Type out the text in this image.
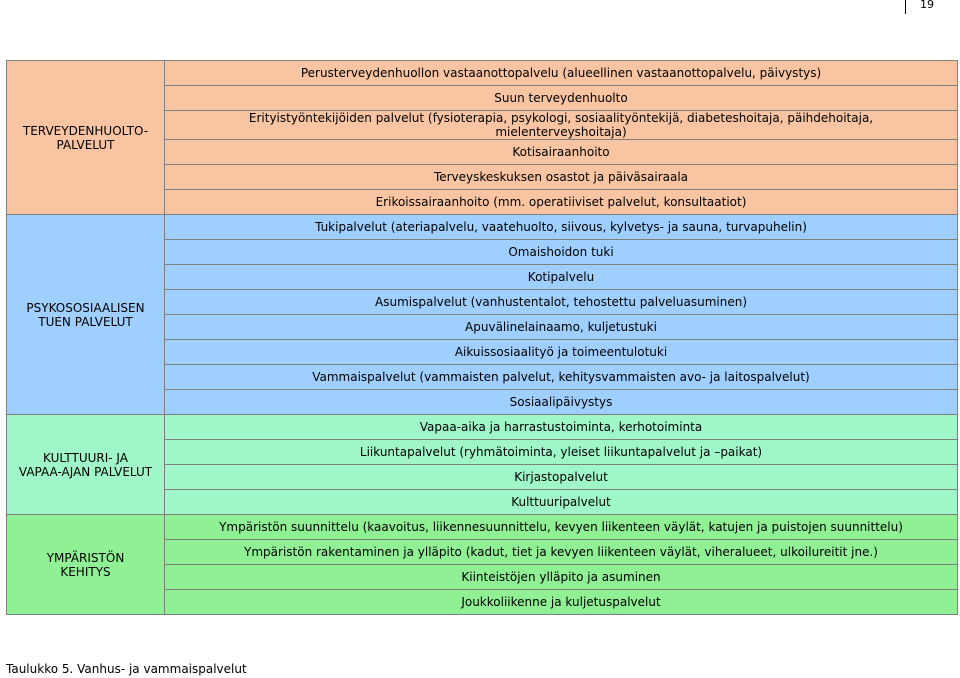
19
TERVEYDENHUOLTO-
PALVELUT	Perusterveydenhuollon vastaanottopalvelu (alueellinen vastaanottopalvelu, päivystys)
	Suun terveydenhuolto
	Erityistyöntekijöiden palvelut (fysioterapia, psykologi, sosiaalityöntekijä, diabeteshoitaja, päihdehoitaja,
mielenterveyshoitaja)
	Kotisairaanhoito
	Terveyskeskuksen osastot ja päiväsairaala
	Erikoissairaanhoito (mm. operatiiviset palvelut, konsultaatiot)
PSYKOSOSIAALISEN
TUEN PALVELUT	Tukipalvelut (ateriapalvelu, vaatehuolto, siivous, kylvetys- ja sauna, turvapuhelin)
	Omaishoidon tuki
	Kotipalvelu
	Asumispalvelut (vanhustentalot, tehostettu palveluasuminen)
	Apuvälinelainaamo, kuljetustuki
	Aikuissosiaalityö ja toimeentulotuki
	Vammaispalvelut (vammaisten palvelut, kehitysvammaisten avo- ja laitospalvelut)
	Sosiaalipäivystys
KULTTUURI- JA
VAPAA-AJAN PALVELUT	Vapaa-aika ja harrastustoiminta, kerhotoiminta
	Liikuntapalvelut (ryhmätoiminta, yleiset liikuntapalvelut ja –paikat)
	Kirjastopalvelut
	Kulttuuripalvelut
YMPÄRISTÖN
KEHITYS	Ympäristön suunnittelu (kaavoitus, liikennesuunnittelu, kevyen liikenteen väylät, katujen ja puistojen suunnittelu)
	Ympäristön rakentaminen ja ylläpito (kadut, tiet ja kevyen liikenteen väylät, viheralueet, ulkoilureitit jne.)
	Kiinteistöjen ylläpito ja asuminen
	Joukkoliikenne ja kuljetuspalvelut
Taulukko 5. Vanhus- ja vammaispalvelut
